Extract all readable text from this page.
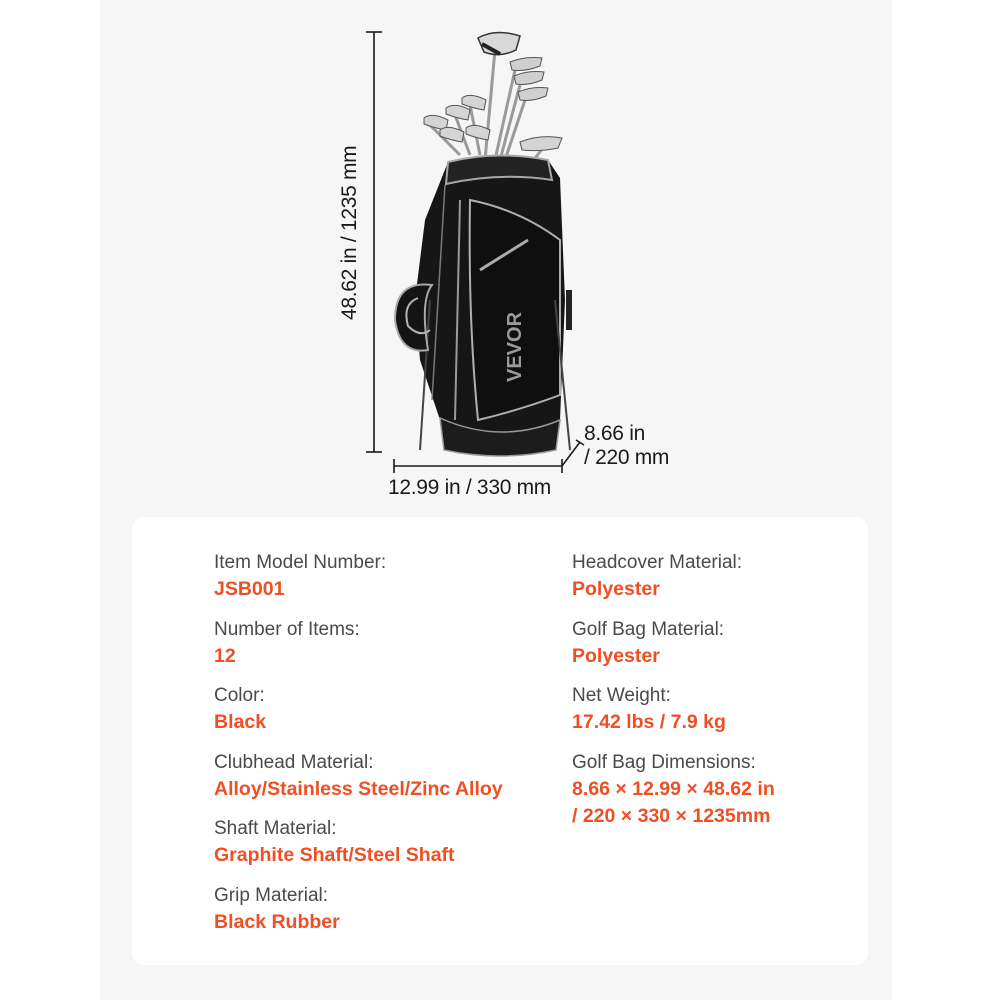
VEVOR
48.62 in / 1235 mm
12.99 in / 330 mm
8.66 in
/ 220 mm
Item Model Number:
JSB001
Number of Items:
12
Color:
Black
Clubhead Material:
Alloy/Stainless Steel/Zinc Alloy
Shaft Material:
Graphite Shaft/Steel Shaft
Grip Material:
Black Rubber
Headcover Material:
Polyester
Golf Bag Material:
Polyester
Net Weight:
17.42 lbs / 7.9 kg
Golf Bag Dimensions:
8.66 × 12.99 × 48.62 in
/ 220 × 330 × 1235mm
